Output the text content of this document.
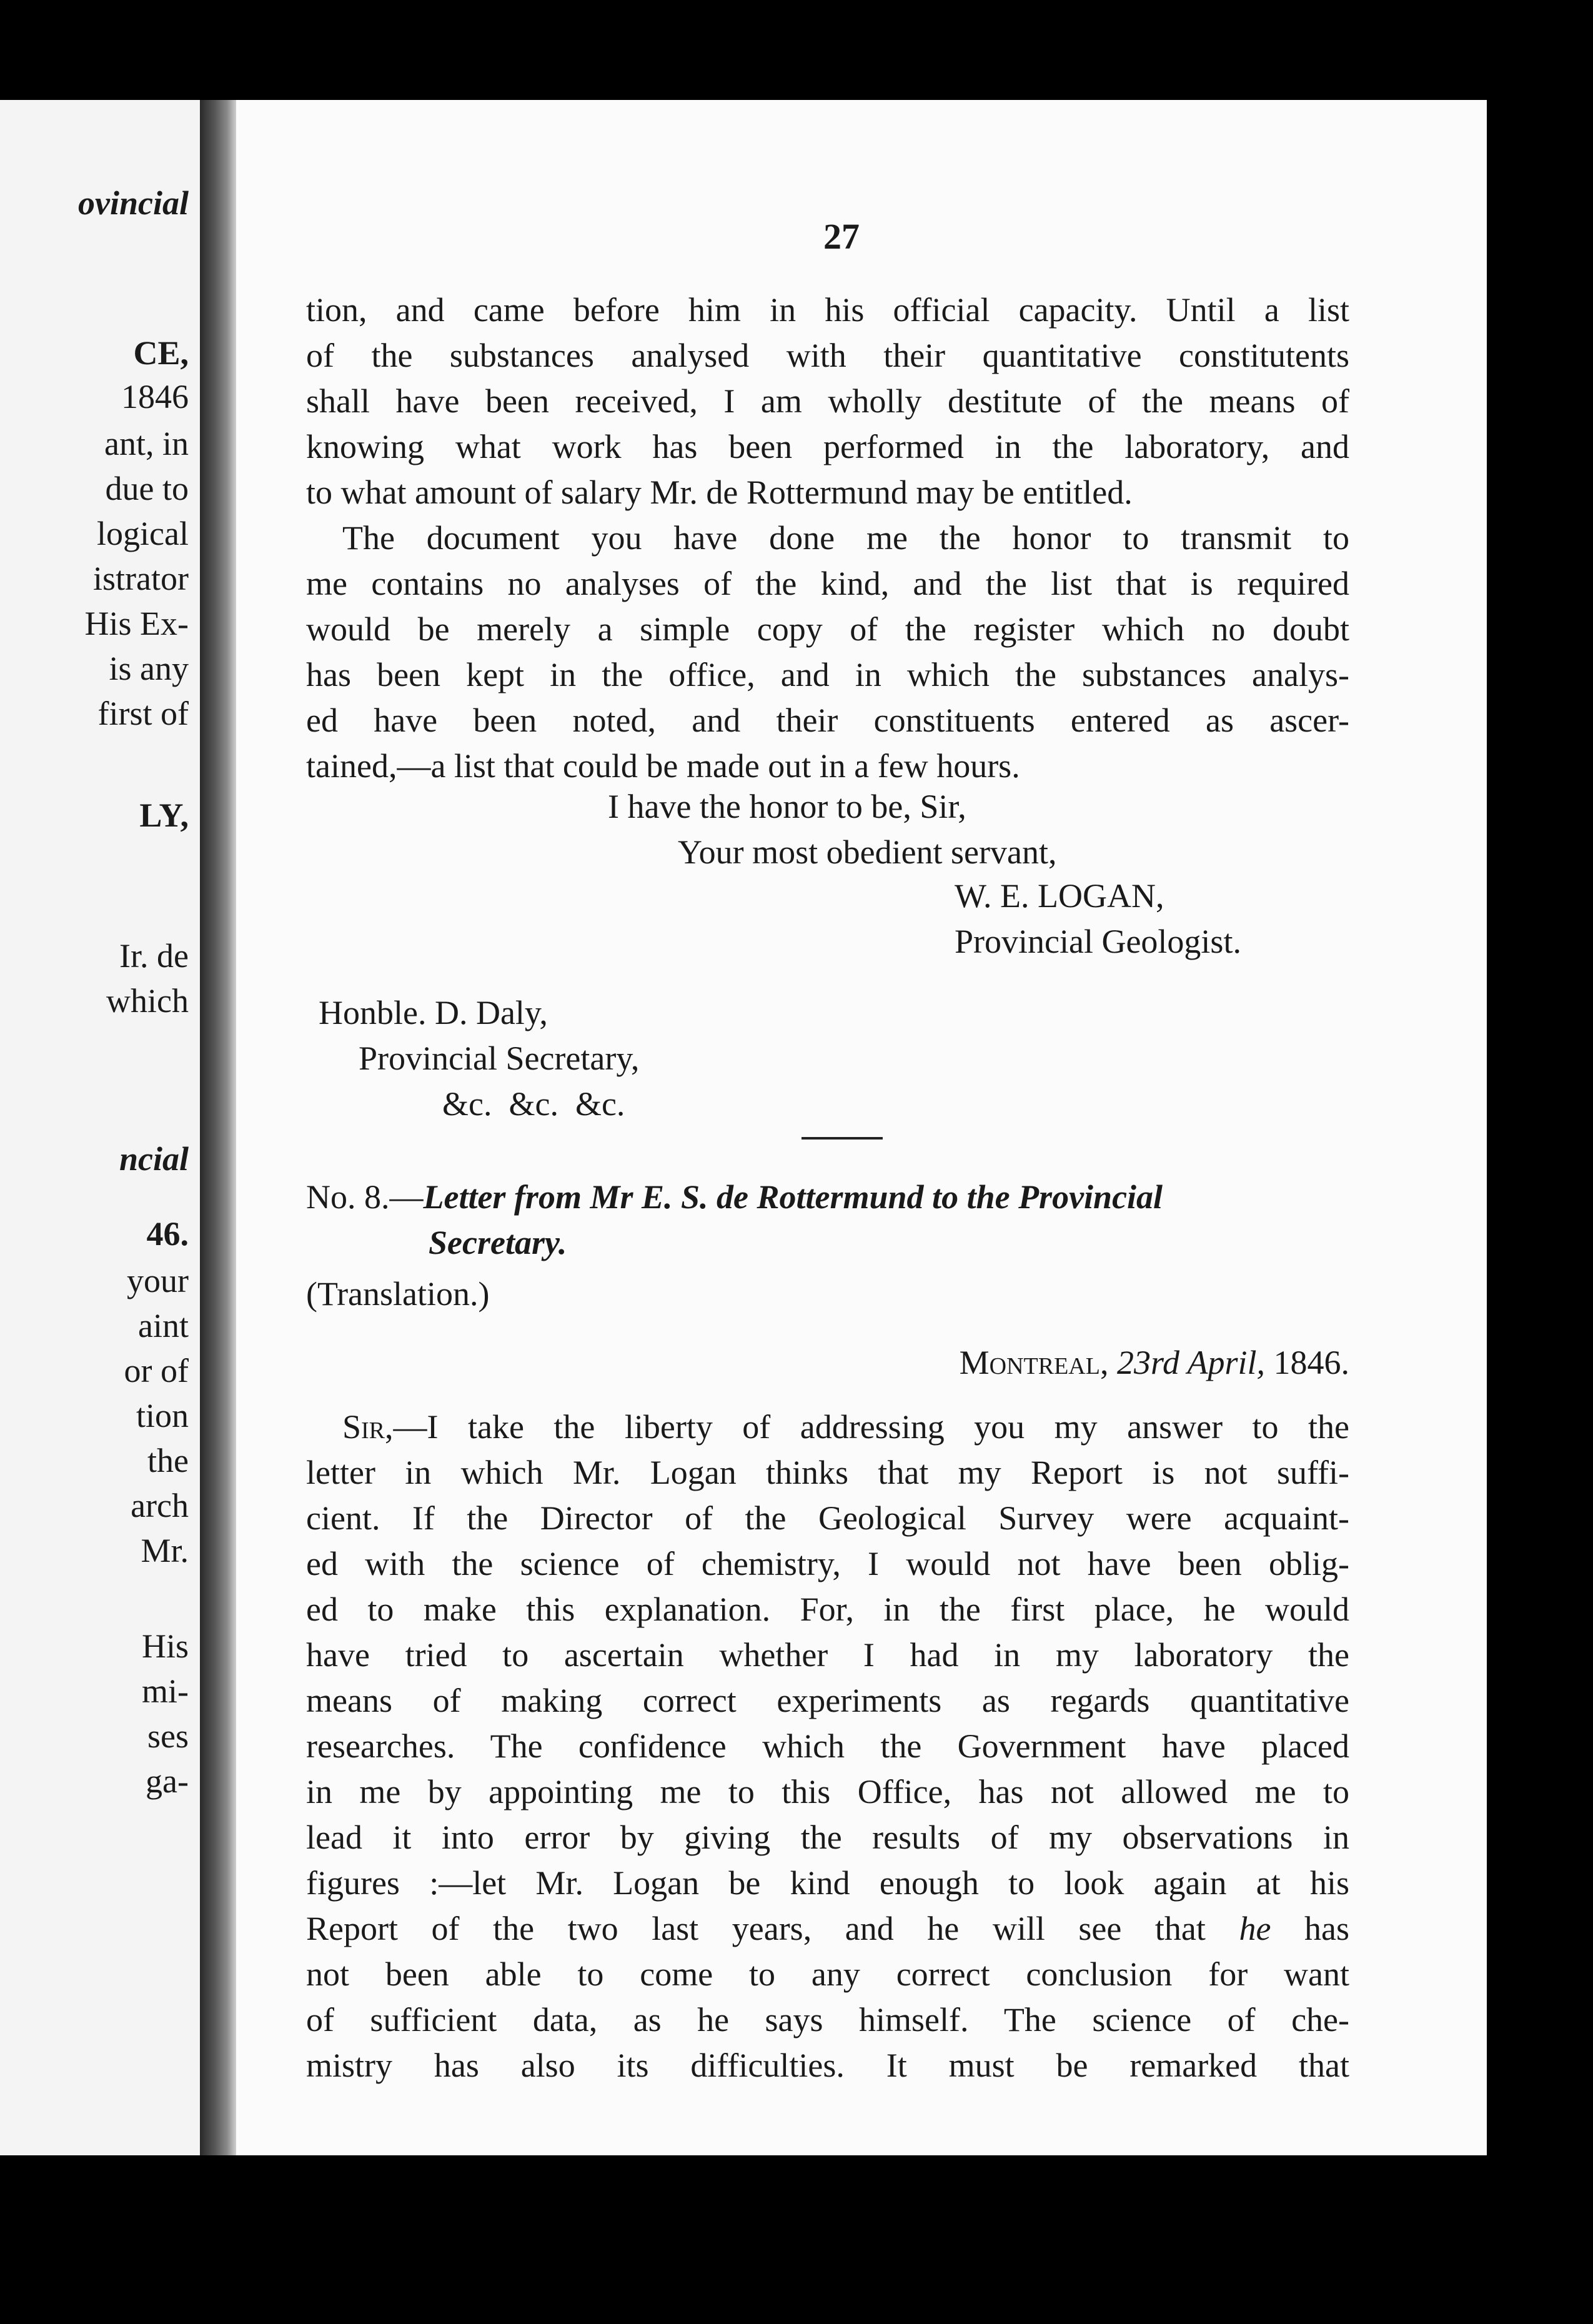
ovincial
CE,
1846
ant, in
due to
logical
istrator
His Ex-
is any
first of
LY,
Ir. de
which
ncial
46.
your
aint
or of
tion
the
arch
Mr.
His
mi-
ses
ga-
27
tion, and came before him in his official capacity. Until a list
of the substances analysed with their quantitative constitutents
shall have been received, I am wholly destitute of the means of
knowing what work has been performed in the laboratory, and
to what amount of salary Mr. de Rottermund may be entitled.
The document you have done me the honor to transmit to
me contains no analyses of the kind, and the list that is required
would be merely a simple copy of the register which no doubt
has been kept in the office, and in which the substances analys-
ed have been noted, and their constituents entered as ascer-
tained,—a list that could be made out in a few hours.
I have the honor to be, Sir,
Your most obedient servant,
W. E. LOGAN,
Provincial Geologist.
Honble. D. Daly,
Provincial Secretary,
&c.  &c.  &c.
No. 8.—Letter from Mr E. S. de Rottermund to the Provincial
Secretary.
(Translation.)
Montreal, 23rd April, 1846.
Sir,—I take the liberty of addressing you my answer to the
letter in which Mr. Logan thinks that my Report is not suffi-
cient. If the Director of the Geological Survey were acquaint-
ed with the science of chemistry, I would not have been oblig-
ed to make this explanation. For, in the first place, he would
have tried to ascertain whether I had in my laboratory the
means of making correct experiments as regards quantitative
researches. The confidence which the Government have placed
in me by appointing me to this Office, has not allowed me to
lead it into error by giving the results of my observations in
figures :—let Mr. Logan be kind enough to look again at his
Report of the two last years, and he will see that he has
not been able to come to any correct conclusion for want
of sufficient data, as he says himself. The science of che-
mistry has also its difficulties. It must be remarked that
